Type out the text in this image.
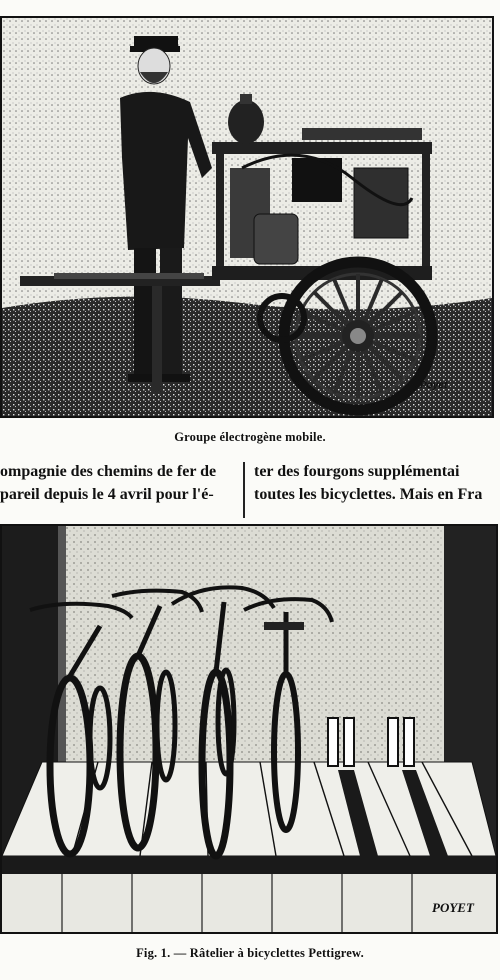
Poyet
Groupe électrogène mobile.
ompagnie des chemins de fer de
pareil depuis le 4 avril pour l'é-
ter des fourgons supplémentai
toutes les bicyclettes. Mais en Fra
POYET
Fig. 1. — Râtelier à bicyclettes Pettigrew.
